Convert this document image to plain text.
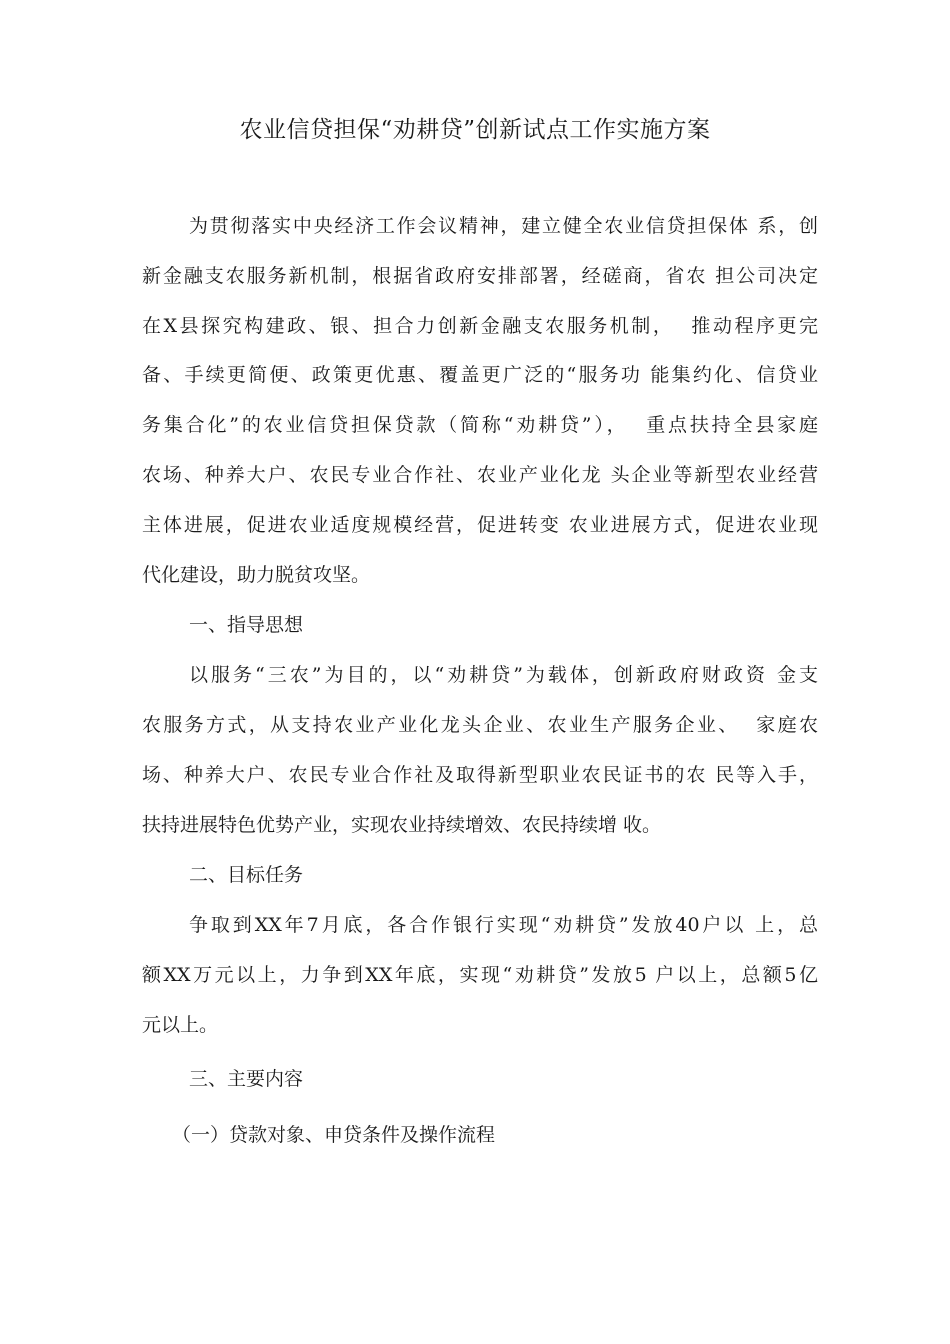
农业信贷担保“劝耕贷”创新试点工作实施方案
为贯彻落实中央经济工作会议精神，建立健全农业信贷担保体 系，创
新金融支农服务新机制，根据省政府安排部署，经磋商，省农 担公司决定
在X县探究构建政、银、担合力创新金融支农服务机制，  推动程序更完
备、手续更简便、政策更优惠、覆盖更广泛的“服务功 能集约化、信贷业
务集合化”的农业信贷担保贷款（简称“劝耕贷”），  重点扶持全县家庭
农场、种养大户、农民专业合作社、农业产业化龙 头企业等新型农业经营
主体进展，促进农业适度规模经营，促进转变 农业进展方式，促进农业现
代化建设，助力脱贫攻坚。
一、指导思想
以服务“三农”为目的，以“劝耕贷”为载体，创新政府财政资 金支
农服务方式，从支持农业产业化龙头企业、农业生产服务企业、  家庭农
场、种养大户、农民专业合作社及取得新型职业农民证书的农 民等入手，
扶持进展特色优势产业，实现农业持续增效、农民持续增 收。
二、目标任务
争取到XX年7月底，各合作银行实现“劝耕贷”发放40户以 上，总
额XX万元以上，力争到XX年底，实现“劝耕贷”发放5 户以上，总额5亿
元以上。
三、主要内容
（一）贷款对象、申贷条件及操作流程
